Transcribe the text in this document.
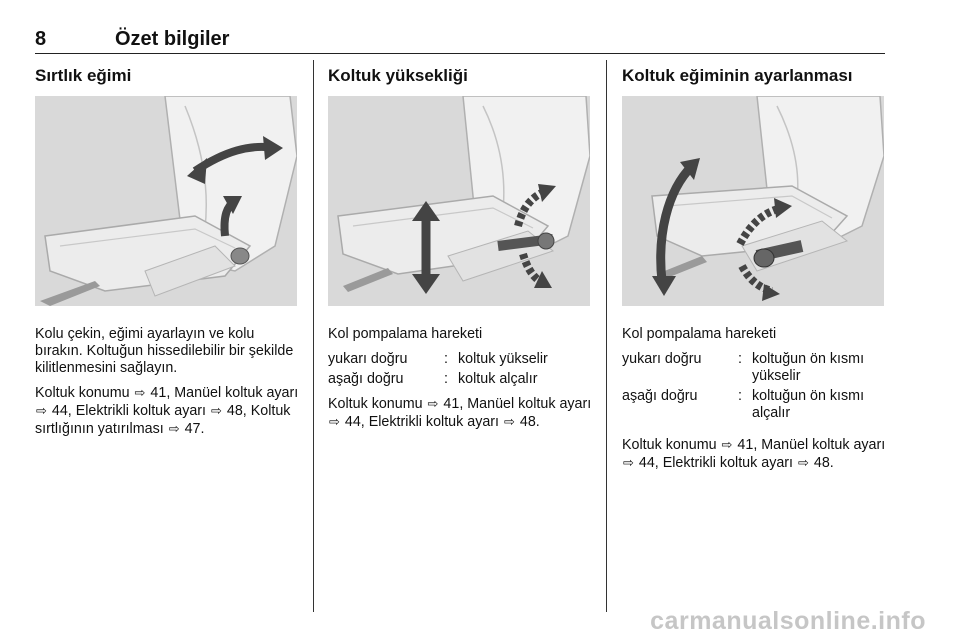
8	Özet bilgiler
Sırtlık eğimi
Kolu çekin, eğimi ayarlayın ve kolu bırakın. Koltuğun hissedilebilir bir şekilde kilitlenmesini sağlayın.
Koltuk konumu ⇨ 41, Manüel koltuk ayarı ⇨ 44, Elektrikli koltuk ayarı ⇨ 48, Koltuk sırtlığının yatırılması ⇨ 47.
Koltuk yüksekliği
Kol pompalama hareketi
yukarı doğru	: koltuk yükselir
aşağı doğru	: koltuk alçalır
Koltuk konumu ⇨ 41, Manüel koltuk ayarı ⇨ 44, Elektrikli koltuk ayarı ⇨ 48.
Koltuk eğiminin ayarlanması
Kol pompalama hareketi
yukarı doğru	: koltuğun ön kısmı yükselir
aşağı doğru	: koltuğun ön kısmı alçalır
Koltuk konumu ⇨ 41, Manüel koltuk ayarı ⇨ 44, Elektrikli koltuk ayarı ⇨ 48.
carmanualsonline.info
